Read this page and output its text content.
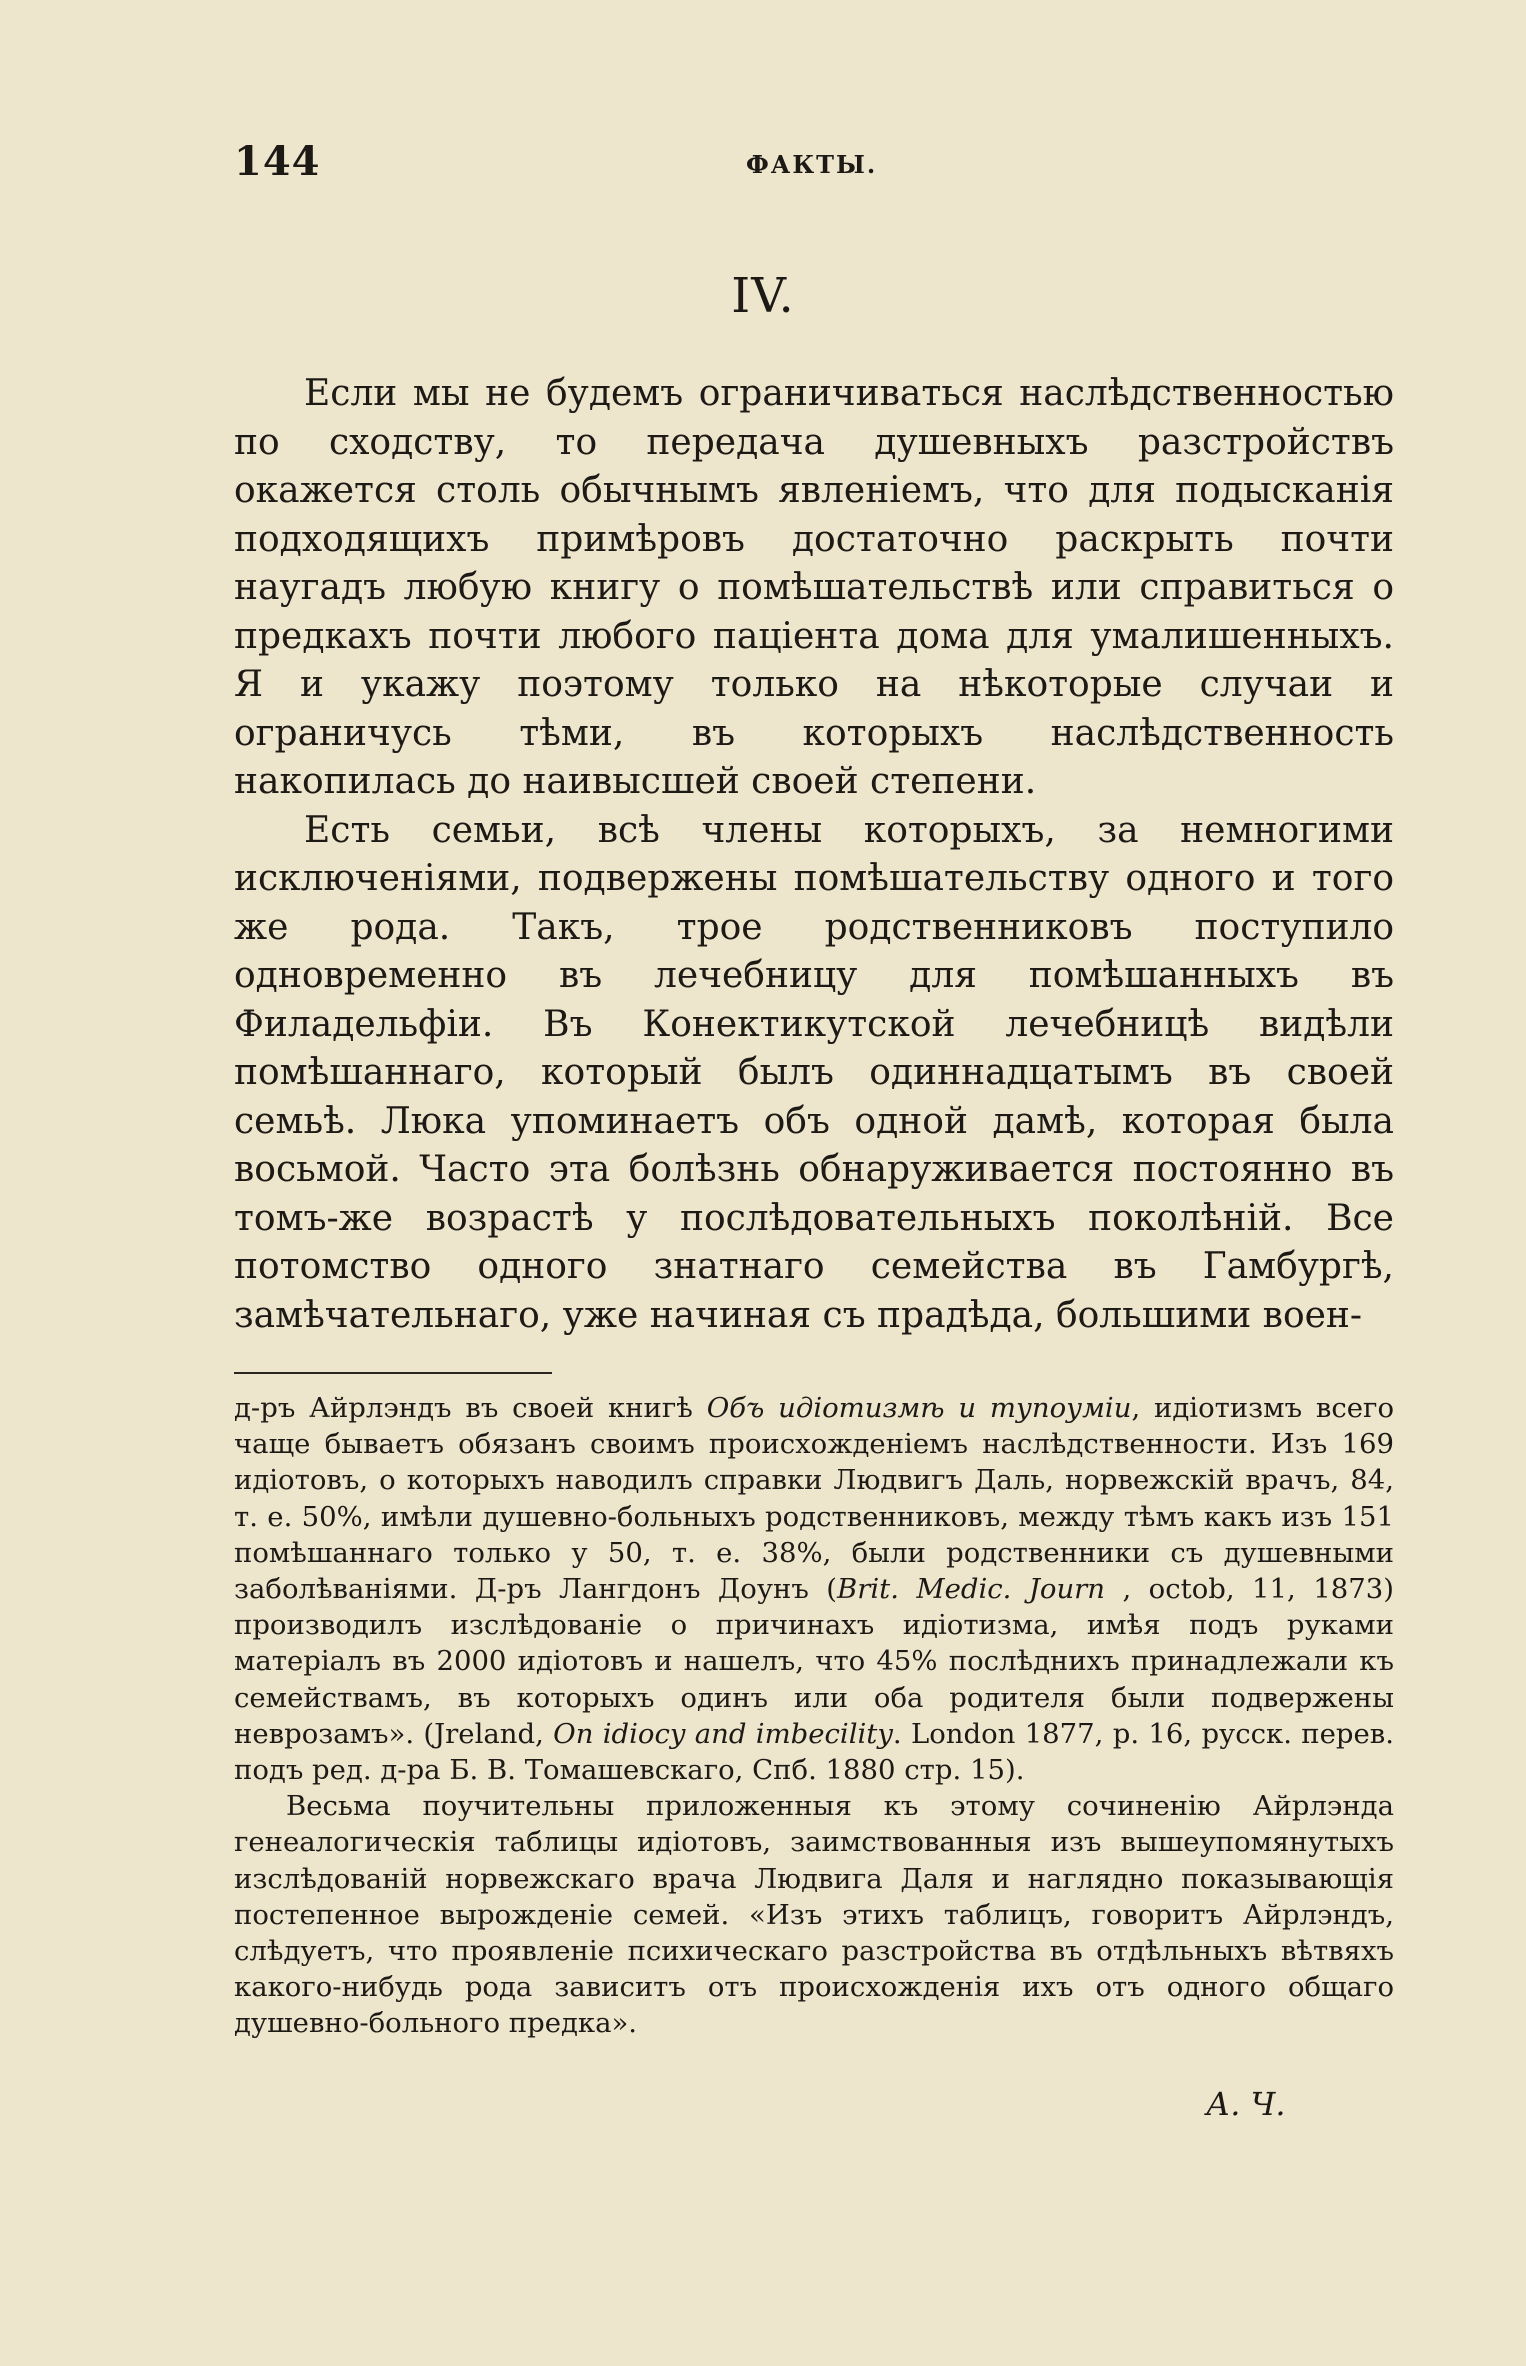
144	ФАКТЫ.
IV.

Если мы не будемъ ограничиваться наслѣдственностью по сходству, то передача душевныхъ разстройствъ окажется столь обычнымъ явленіемъ, что для подысканія подходящихъ примѣровъ достаточно раскрыть почти наугадъ любую книгу о помѣшательствѣ или справиться о предкахъ почти любого паціента дома для умалишенныхъ. Я и укажу поэтому только на нѣкоторые случаи и ограничусь тѣми, въ которыхъ наслѣдственность накопилась до наивысшей своей степени.

Есть семьи, всѣ члены которыхъ, за немногими исключеніями, подвержены помѣшательству одного и того же рода. Такъ, трое родственниковъ поступило одновременно въ лечебницу для помѣшанныхъ въ Филадельфіи. Въ Конектикутской лечебницѣ видѣли помѣшаннаго, который былъ одиннадцатымъ въ своей семьѣ. Люка упоминаетъ объ одной дамѣ, которая была восьмой. Часто эта болѣзнь обнаруживается постоянно въ томъ-же возрастѣ у послѣдовательныхъ поколѣній. Все потомство одного знатнаго семейства въ Гамбургѣ, замѣчательнаго, уже начиная съ прадѣда, большими воен-

д-ръ Айрлэндъ въ своей книгѣ Объ идіотизмѣ и тупоуміи, идіотизмъ всего чаще бываетъ обязанъ своимъ происхожденіемъ наслѣдственности. Изъ 169 идіотовъ, о которыхъ наводилъ справки Людвигъ Даль, норвежскій врачъ, 84, т. е. 50%, имѣли душевно-больныхъ родственниковъ, между тѣмъ какъ изъ 151 помѣшаннаго только у 50, т. е. 38%, были родственники съ душевными заболѣваніями. Д-ръ Лангдонъ Доунъ (Brit. Medic. Journ , octob, 11, 1873) производилъ изслѣдованіе о причинахъ идіотизма, имѣя подъ руками матеріалъ въ 2000 идіотовъ и нашелъ, что 45% послѣднихъ принадлежали къ семействамъ, въ которыхъ одинъ или оба родителя были подвержены неврозамъ». (Jreland, On idiocy and imbecility. London 1877, p. 16, русск. перев. подъ ред. д-ра Б. В. Томашевскаго, Спб. 1880 стр. 15).

Весьма поучительны приложенныя къ этому сочиненію Айрлэнда генеалогическія таблицы идіотовъ, заимствованныя изъ вышеупомянутыхъ изслѣдованій норвежскаго врача Людвига Даля и наглядно показывающія постепенное вырожденіе семей. «Изъ этихъ таблицъ, говоритъ Айрлэндъ, слѣдуетъ, что проявленіе психическаго разстройства въ отдѣльныхъ вѣтвяхъ какого-нибудь рода зависитъ отъ происхожденія ихъ отъ одного общаго душевно-больного предка».

А. Ч.
